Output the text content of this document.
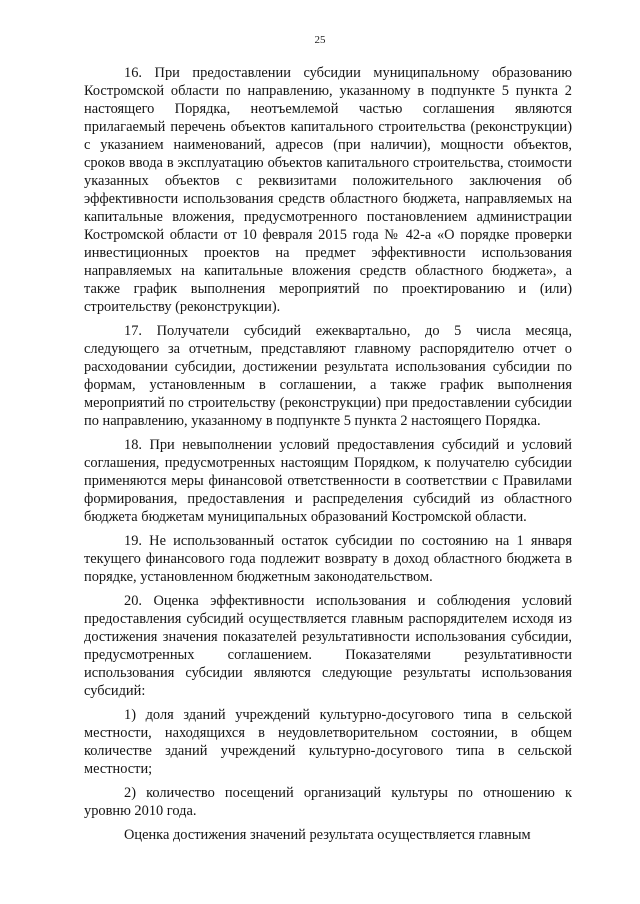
25

16. При предоставлении субсидии муниципальному образованию Костромской области по направлению, указанному в подпункте 5 пункта 2 настоящего Порядка, неотъемлемой частью соглашения являются прилагаемый перечень объектов капитального строительства (реконструкции) с указанием наименований, адресов (при наличии), мощности объектов, сроков ввода в эксплуатацию объектов капитального строительства, стоимости указанных объектов с реквизитами положительного заключения об эффективности использования средств областного бюджета, направляемых на капитальные вложения, предусмотренного постановлением администрации Костромской области от 10 февраля 2015 года № 42-а «О порядке проверки инвестиционных проектов на предмет эффективности использования направляемых на капитальные вложения средств областного бюджета», а также график выполнения мероприятий по проектированию и (или) строительству (реконструкции).

17. Получатели субсидий ежеквартально, до 5 числа месяца, следующего за отчетным, представляют главному распорядителю отчет о расходовании субсидии, достижении результата использования субсидии по формам, установленным в соглашении, а также график выполнения мероприятий по строительству (реконструкции) при предоставлении субсидии по направлению, указанному в подпункте 5 пункта 2 настоящего Порядка.

18. При невыполнении условий предоставления субсидий и условий соглашения, предусмотренных настоящим Порядком, к получателю субсидии применяются меры финансовой ответственности в соответствии с Правилами формирования, предоставления и распределения субсидий из областного бюджета бюджетам муниципальных образований Костромской области.

19. Не использованный остаток субсидии по состоянию на 1 января текущего финансового года подлежит возврату в доход областного бюджета в порядке, установленном бюджетным законодательством.

20. Оценка эффективности использования и соблюдения условий предоставления субсидий осуществляется главным распорядителем исходя из достижения значения показателей результативности использования субсидии, предусмотренных соглашением. Показателями результативности использования субсидии являются следующие результаты использования субсидий:

1) доля зданий учреждений культурно-досугового типа в сельской местности, находящихся в неудовлетворительном состоянии, в общем количестве зданий учреждений культурно-досугового типа в сельской местности;

2) количество посещений организаций культуры по отношению к уровню 2010 года.

Оценка достижения значений результата осуществляется главным
